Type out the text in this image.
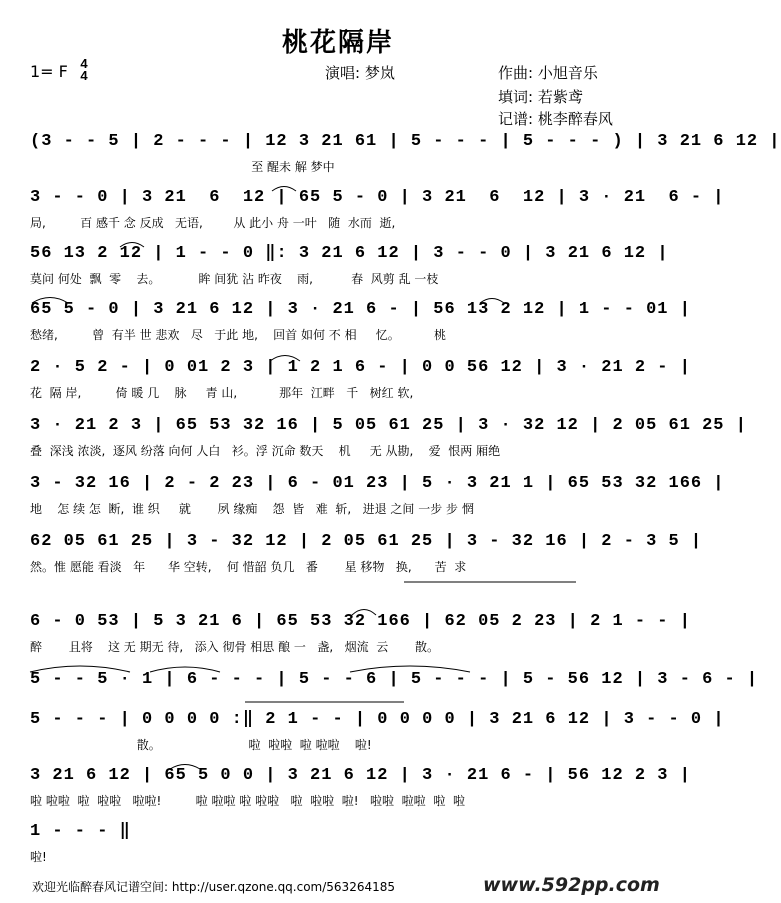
桃花隔岸
1= F 4
4	演唱: 梦岚	作曲: 小旭音乐
填词: 若紫鸢
记谱: 桃李醉春风
(3 - - 5 | 2 - - - | 12 3 21 61 | 5 - - - | 5 - - - ) | 3 21 6 12 |
至 醒未 解 梦中
3 - - 0 | 3 21  6  12 | 65 5 - 0 | 3 21  6  12 | 3 · 21  6 - |
局,         百 感千 念 反成   无语,        从 此小 舟 一叶   随  水而  逝,
56 13 2 12 | 1 - - 0 ‖: 3 21 6 12 | 3 - - 0 | 3 21 6 12 |
莫问 何处  飘  零    去。          眸 间犹 沾 昨夜    雨,          春  风剪 乱 一枝
65 5 - 0 | 3 21 6 12 | 3 · 21 6 - | 56 13 2 12 | 1 - - 01 |
愁绪,         曾  有半 世 悲欢   尽   于此 地,    回首 如何 不 相     忆。         桃
2 · 5 2 - | 0 01 2 3 | 1 2 1 6 - | 0 0 56 12 | 3 · 21 2 - |
花  隔 岸,         倚 暖 几    脉     青 山,           那年  江畔   千   树红 软,
3 · 21 2 3 | 65 53 32 16 | 5 05 61 25 | 3 · 32 12 | 2 05 61 25 |
叠  深浅 浓淡,  逐风 纷落 向何 人白   衫。浮 沉命 数天    机     无 从勘,    爱  恨两 厢绝
3 - 32 16 | 2 - 2 23 | 6 - 01 23 | 5 · 3 21 1 | 65 53 32 166 |
地    怎 续 怎  断,  谁 织     就       夙 缘痴    怨  皆   难  斩,   进退 之间 一步 步 惘
62 05 61 25 | 3 - 32 12 | 2 05 61 25 | 3 - 32 16 | 2 - 3 5 |
然。惟 愿能 看淡   年      华 空转,    何 惜韶 负几   番       星 移物   换,      苦  求
6 - 0 53 | 5 3 21 6 | 65 53 32 166 | 62 05 2 23 | 2 1 - - |
醉       且将    这 无 期无 待,   添入 彻骨 相思 酿 一   盏,   烟流  云       散。
5 - - 5 · 1 | 6 - - - | 5 - - 6 | 5 - - - | 5 - 56 12 | 3 - 6 - |
5 - - - | 0 0 0 0 :‖ 2 1 - - | 0 0 0 0 | 3 21 6 12 | 3 - - 0 |
散。                       啦  啦啦  啦 啦啦    啦!
3 21 6 12 | 65 5 0 0 | 3 21 6 12 | 3 · 21 6 - | 56 12 2 3 |
啦 啦啦  啦  啦啦   啦啦!         啦 啦啦 啦 啦啦   啦  啦啦  啦!   啦啦  啦啦  啦  啦
1 - - - ‖
啦!
欢迎光临醉春风记谱空间: http://user.qzone.qq.com/563264185	www.592pp.com
